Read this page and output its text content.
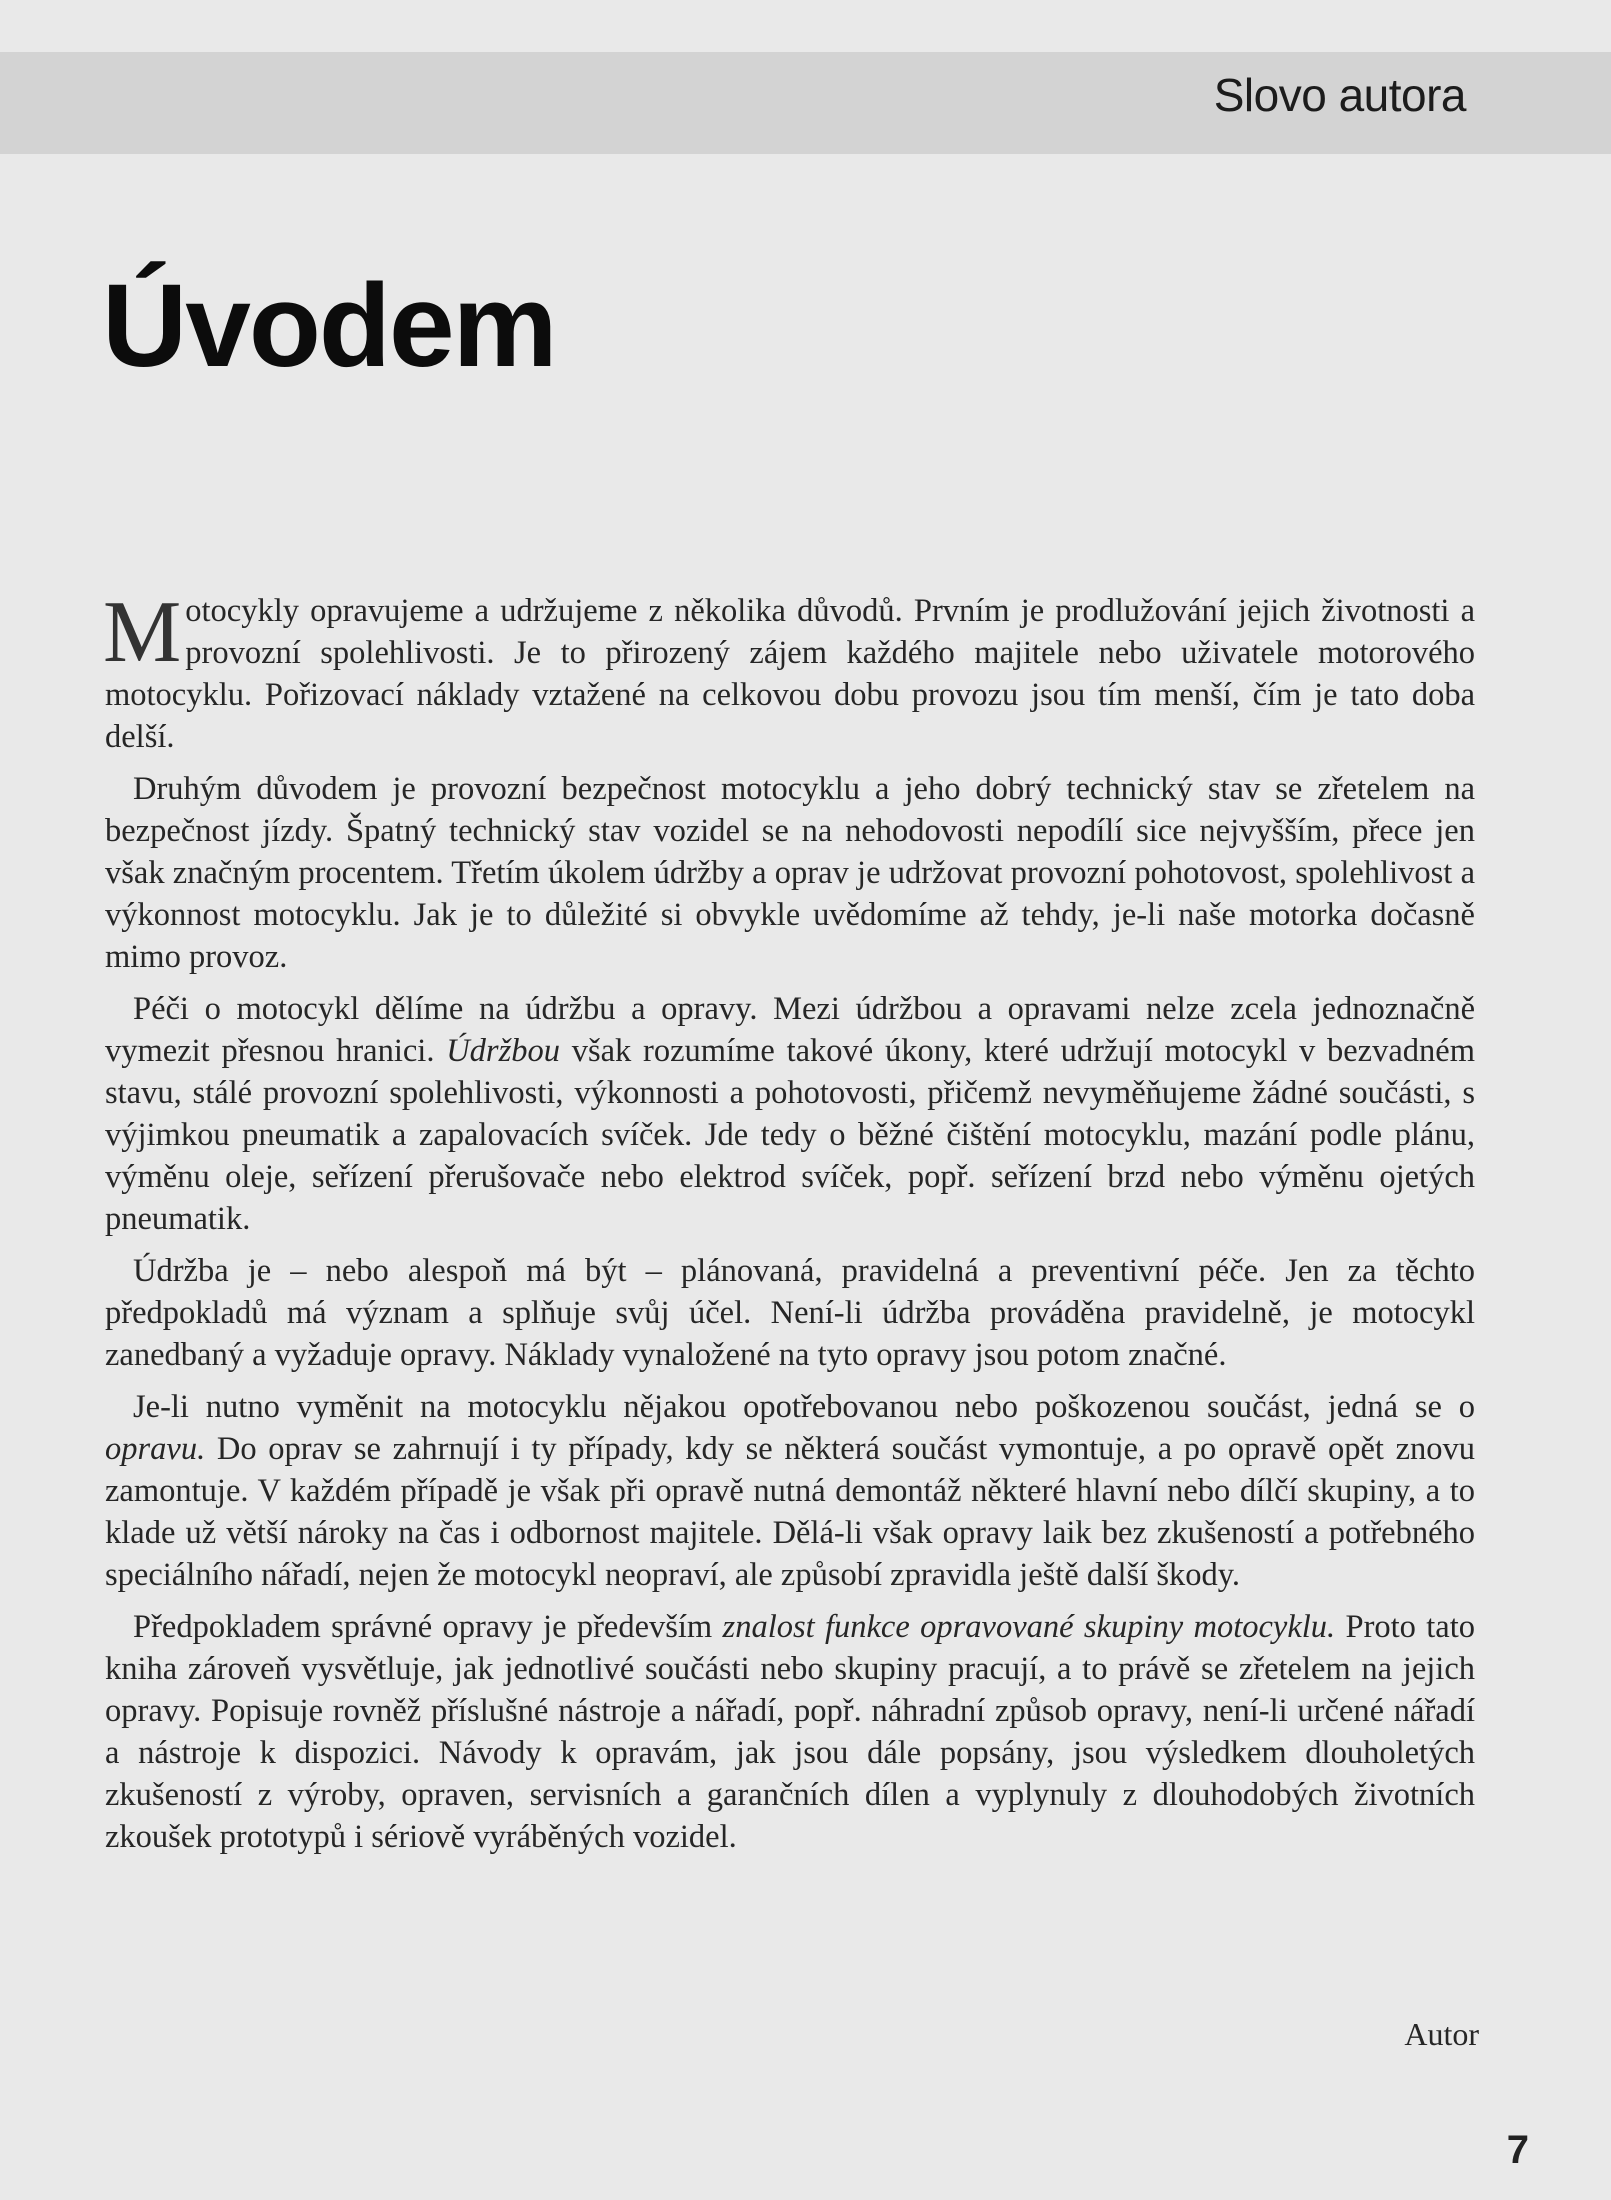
Slovo autora
Úvodem

Motocykly opravujeme a udržujeme z několika důvodů. Prvním je prodlužování jejich životnosti a provozní spolehlivosti. Je to přirozený zájem každého majitele nebo uživatele motorového motocyklu. Pořizovací náklady vztažené na celkovou dobu provozu jsou tím menší, čím je tato doba delší.

Druhým důvodem je provozní bezpečnost motocyklu a jeho dobrý technický stav se zřetelem na bezpečnost jízdy. Špatný technický stav vozidel se na nehodovosti nepodílí sice nejvyšším, přece jen však značným procentem. Třetím úkolem údržby a oprav je udržovat provozní pohotovost, spolehlivost a výkonnost motocyklu. Jak je to důležité si obvykle uvědomíme až tehdy, je-li naše motorka dočasně mimo provoz.

Péči o motocykl dělíme na údržbu a opravy. Mezi údržbou a opravami nelze zcela jednoznačně vymezit přesnou hranici. Údržbou však rozumíme takové úkony, které udržují motocykl v bezvadném stavu, stálé provozní spolehlivosti, výkonnosti a pohotovosti, přičemž nevyměňujeme žádné součásti, s výjimkou pneumatik a zapalovacích svíček. Jde tedy o běžné čištění motocyklu, mazání podle plánu, výměnu oleje, seřízení přerušovače nebo elektrod svíček, popř. seřízení brzd nebo výměnu ojetých pneumatik.

Údržba je – nebo alespoň má být – plánovaná, pravidelná a preventivní péče. Jen za těchto předpokladů má význam a splňuje svůj účel. Není-li údržba prováděna pravidelně, je motocykl zanedbaný a vyžaduje opravy. Náklady vynaložené na tyto opravy jsou potom značné.

Je-li nutno vyměnit na motocyklu nějakou opotřebovanou nebo poškozenou součást, jedná se o opravu. Do oprav se zahrnují i ty případy, kdy se některá součást vymontuje, a po opravě opět znovu zamontuje. V každém případě je však při opravě nutná demontáž některé hlavní nebo dílčí skupiny, a to klade už větší nároky na čas i odbornost majitele. Dělá-li však opravy laik bez zkušeností a potřebného speciálního nářadí, nejen že motocykl neopraví, ale způsobí zpravidla ještě další škody.

Předpokladem správné opravy je především znalost funkce opravované skupiny motocyklu. Proto tato kniha zároveň vysvětluje, jak jednotlivé součásti nebo skupiny pracují, a to právě se zřetelem na jejich opravy. Popisuje rovněž příslušné nástroje a nářadí, popř. náhradní způsob opravy, není-li určené nářadí a nástroje k dispozici. Návody k opravám, jak jsou dále popsány, jsou výsledkem dlouholetých zkušeností z výroby, opraven, servisních a garančních dílen a vyplynuly z dlouhodobých životních zkoušek prototypů i sériově vyráběných vozidel.

Autor
7
